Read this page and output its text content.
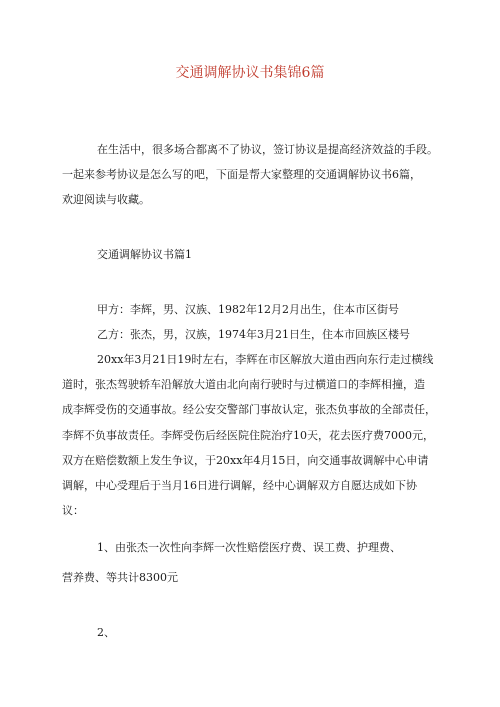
交通调解协议书集锦6篇
在生活中，很多场合都离不了协议，签订协议是提高经济效益的手段。
一起来参考协议是怎么写的吧，下面是帮大家整理的交通调解协议书6篇，
欢迎阅读与收藏。
交通调解协议书篇1
甲方：李辉，男、汉族、1982年12月2月出生，住本市区街号
乙方：张杰，男，汉族，1974年3月21日生，住本市回族区楼号
20xx年3月21日19时左右，李辉在市区解放大道由西向东行走过横线
道时，张杰驾驶轿车沿解放大道由北向南行驶时与过横道口的李辉相撞，造
成李辉受伤的交通事故。经公安交警部门事故认定，张杰负事故的全部责任，
李辉不负事故责任。李辉受伤后经医院住院治疗10天，花去医疗费7000元，
双方在赔偿数额上发生争议，于20xx年4月15日，向交通事故调解中心申请
调解，中心受理后于当月16日进行调解，经中心调解双方自愿达成如下协
议：
1、由张杰一次性向李辉一次性赔偿医疗费、误工费、护理费、
营养费、等共计8300元
2、
